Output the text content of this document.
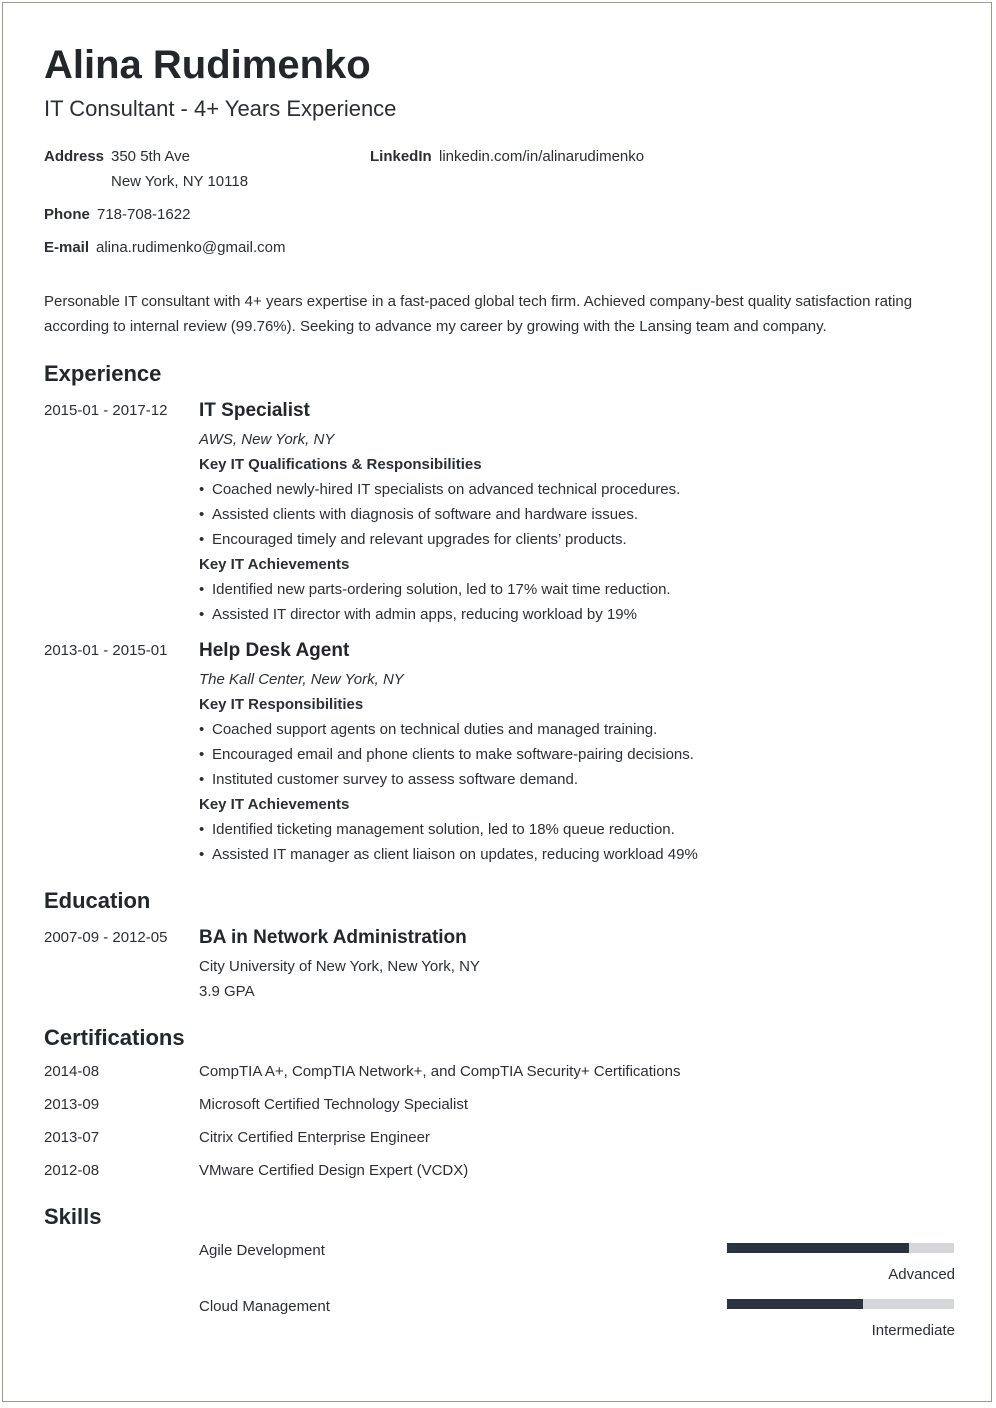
Alina Rudimenko
IT Consultant - 4+ Years Experience
Address 350 5th Ave
New York, NY 10118
LinkedIn linkedin.com/in/alinarudimenko
Phone 718-708-1622
E-mail alina.rudimenko@gmail.com
Personable IT consultant with 4+ years expertise in a fast-paced global tech firm. Achieved company-best quality satisfaction rating according to internal review (99.76%). Seeking to advance my career by growing with the Lansing team and company.
Experience
2015-01 - 2017-12 IT Specialist
AWS, New York, NY
Key IT Qualifications & Responsibilities
• Coached newly-hired IT specialists on advanced technical procedures.
• Assisted clients with diagnosis of software and hardware issues.
• Encouraged timely and relevant upgrades for clients’ products.
Key IT Achievements
• Identified new parts-ordering solution, led to 17% wait time reduction.
• Assisted IT director with admin apps, reducing workload by 19%
2013-01 - 2015-01 Help Desk Agent
The Kall Center, New York, NY
Key IT Responsibilities
• Coached support agents on technical duties and managed training.
• Encouraged email and phone clients to make software-pairing decisions.
• Instituted customer survey to assess software demand.
Key IT Achievements
• Identified ticketing management solution, led to 18% queue reduction.
• Assisted IT manager as client liaison on updates, reducing workload 49%
Education
2007-09 - 2012-05 BA in Network Administration
City University of New York, New York, NY
3.9 GPA
Certifications
2014-08	CompTIA A+, CompTIA Network+, and CompTIA Security+ Certifications
2013-09	Microsoft Certified Technology Specialist
2013-07	Citrix Certified Enterprise Engineer
2012-08	VMware Certified Design Expert (VCDX)
Skills
Agile Development
Advanced
Cloud Management
Intermediate
